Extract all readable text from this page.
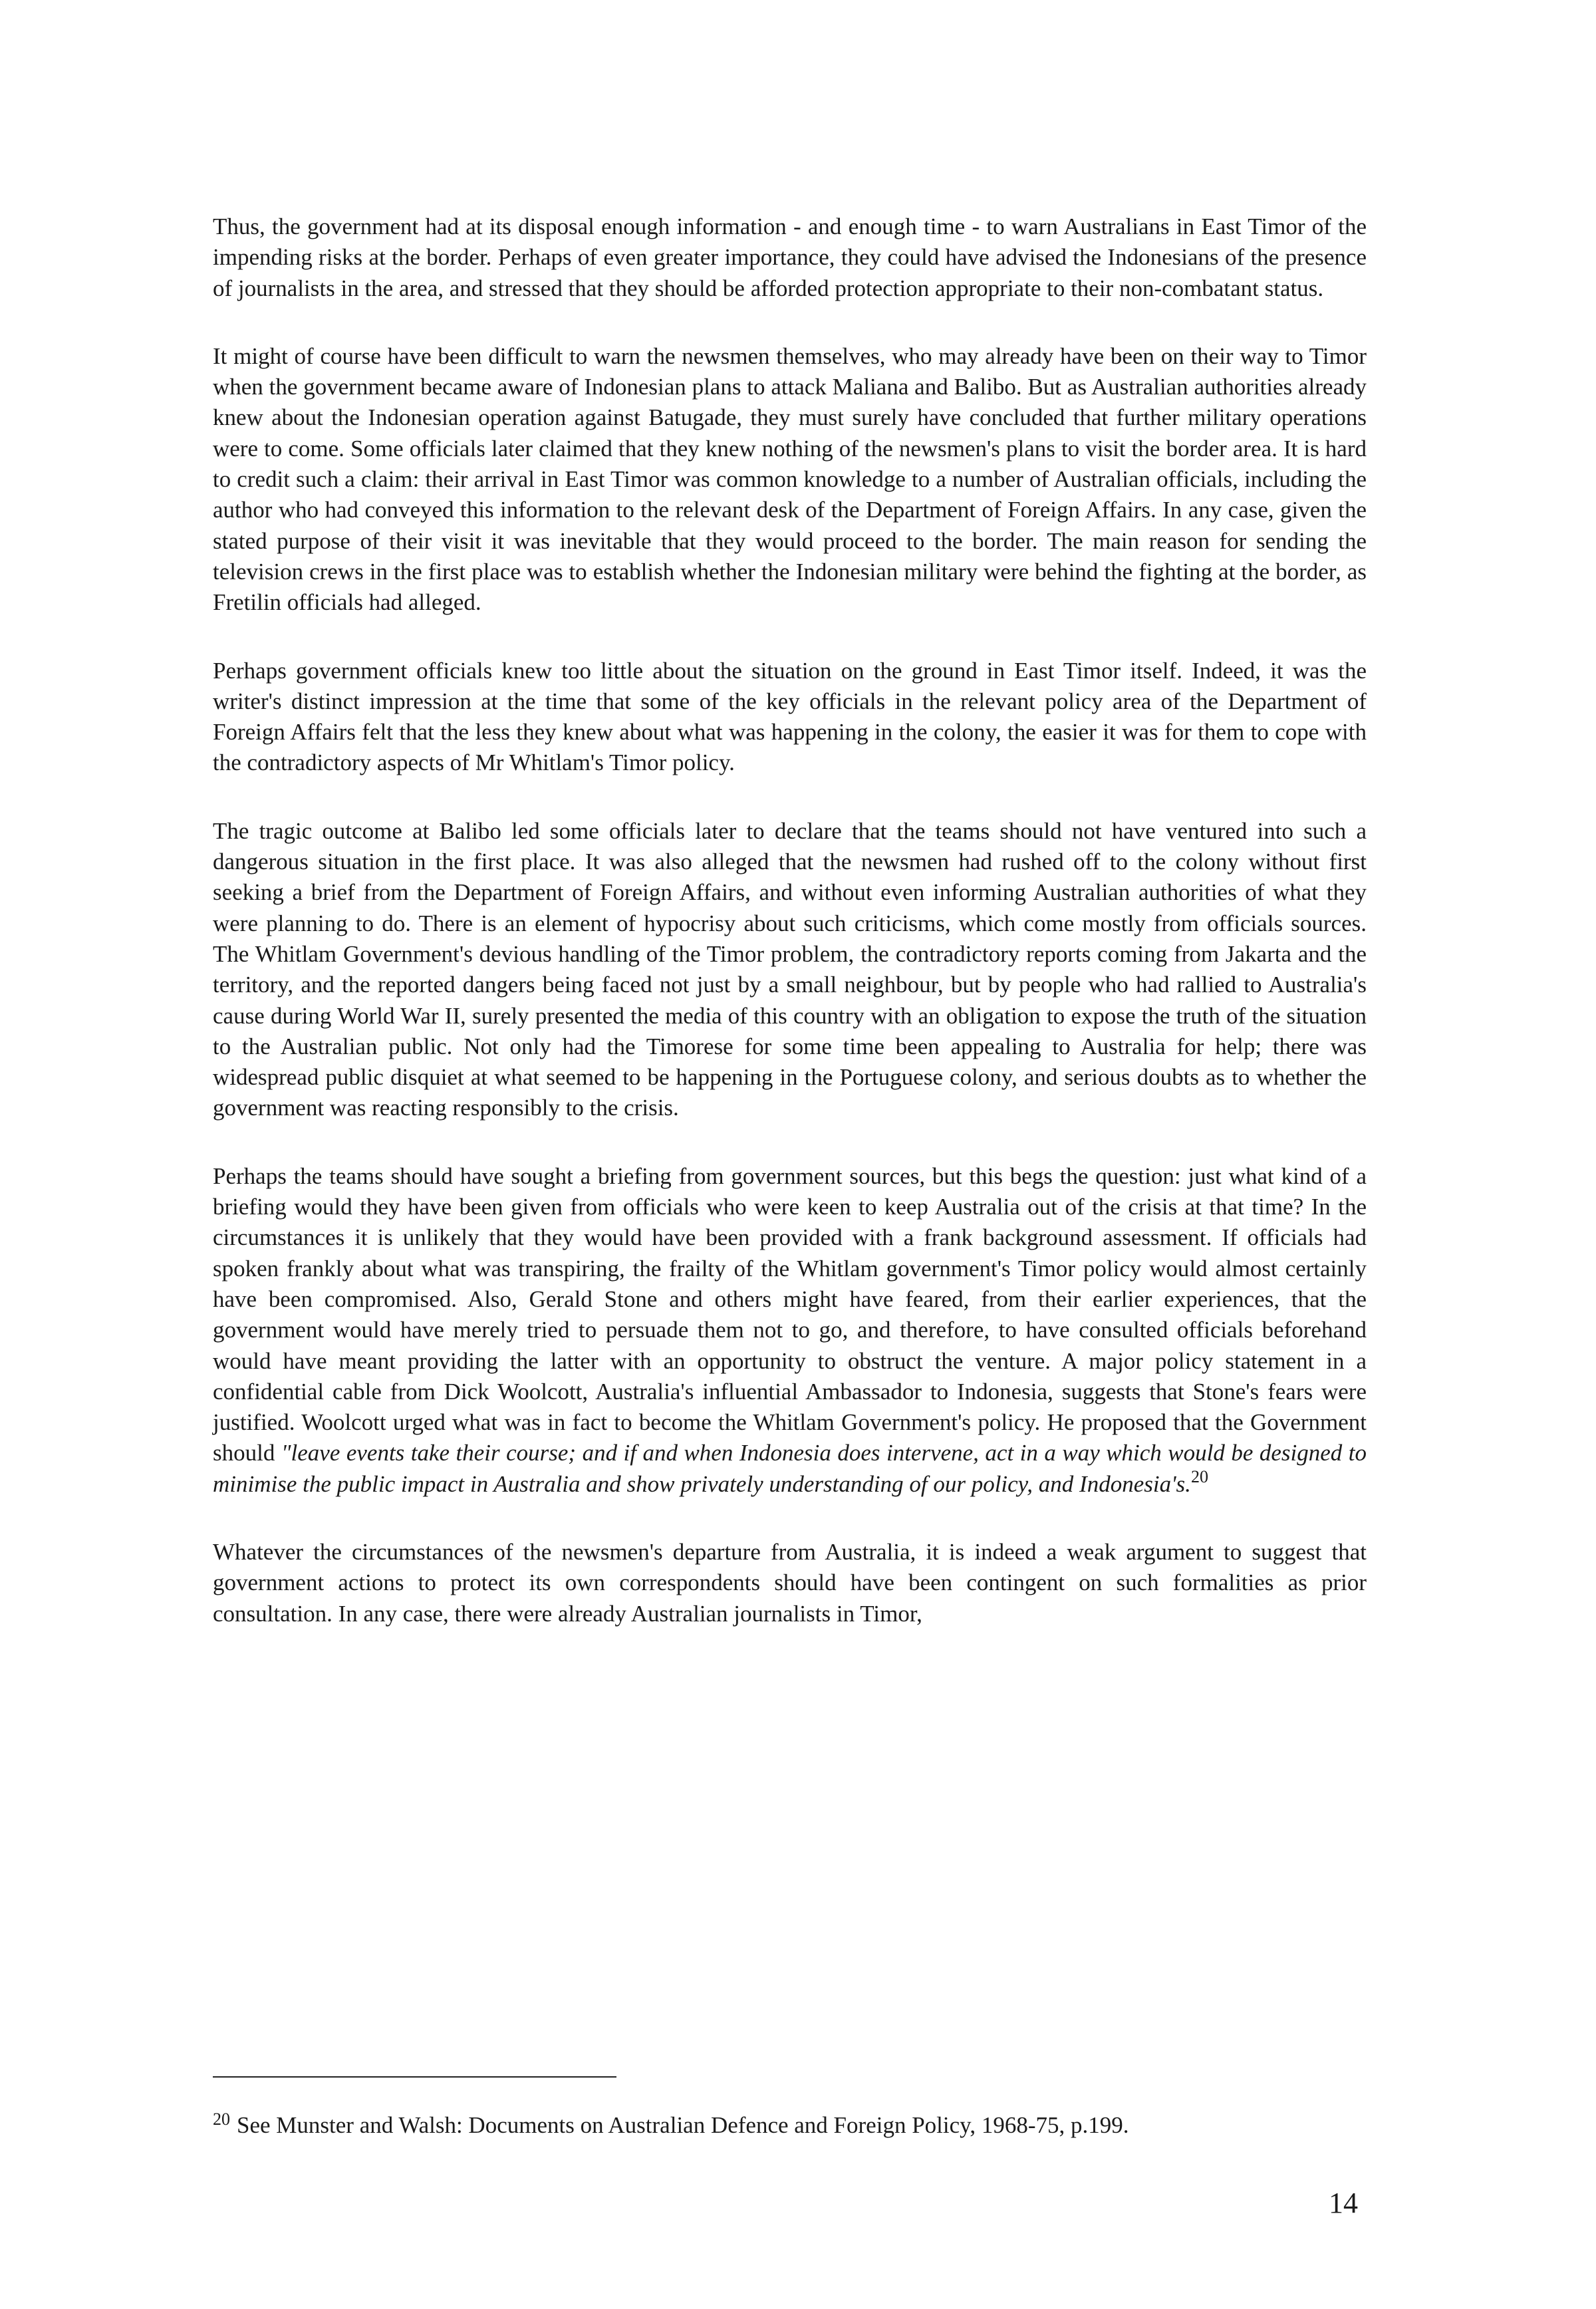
Thus, the government had at its disposal enough information - and enough time - to warn Australians in East Timor of the impending risks at the border. Perhaps of even greater importance, they could have advised the Indonesians of the presence of journalists in the area, and stressed that they should be afforded protection appropriate to their non-combatant status.

It might of course have been difficult to warn the newsmen themselves, who may already have been on their way to Timor when the government became aware of Indonesian plans to attack Maliana and Balibo. But as Australian authorities already knew about the Indonesian operation against Batugade, they must surely have concluded that further military operations were to come. Some officials later claimed that they knew nothing of the newsmen's plans to visit the border area. It is hard to credit such a claim: their arrival in East Timor was common knowledge to a number of Australian officials, including the author who had conveyed this information to the relevant desk of the Department of Foreign Affairs. In any case, given the stated purpose of their visit it was inevitable that they would proceed to the border. The main reason for sending the television crews in the first place was to establish whether the Indonesian military were behind the fighting at the border, as Fretilin officials had alleged.

Perhaps government officials knew too little about the situation on the ground in East Timor itself. Indeed, it was the writer's distinct impression at the time that some of the key officials in the relevant policy area of the Department of Foreign Affairs felt that the less they knew about what was happening in the colony, the easier it was for them to cope with the contradictory aspects of Mr Whitlam's Timor policy.

The tragic outcome at Balibo led some officials later to declare that the teams should not have ventured into such a dangerous situation in the first place. It was also alleged that the newsmen had rushed off to the colony without first seeking a brief from the Department of Foreign Affairs, and without even informing Australian authorities of what they were planning to do. There is an element of hypocrisy about such criticisms, which come mostly from officials sources. The Whitlam Government's devious handling of the Timor problem, the contradictory reports coming from Jakarta and the territory, and the reported dangers being faced not just by a small neighbour, but by people who had rallied to Australia's cause during World War II, surely presented the media of this country with an obligation to expose the truth of the situation to the Australian public. Not only had the Timorese for some time been appealing to Australia for help; there was widespread public disquiet at what seemed to be happening in the Portuguese colony, and serious doubts as to whether the government was reacting responsibly to the crisis.

Perhaps the teams should have sought a briefing from government sources, but this begs the question: just what kind of a briefing would they have been given from officials who were keen to keep Australia out of the crisis at that time? In the circumstances it is unlikely that they would have been provided with a frank background assessment. If officials had spoken frankly about what was transpiring, the frailty of the Whitlam government's Timor policy would almost certainly have been compromised. Also, Gerald Stone and others might have feared, from their earlier experiences, that the government would have merely tried to persuade them not to go, and therefore, to have consulted officials beforehand would have meant providing the latter with an opportunity to obstruct the venture. A major policy statement in a confidential cable from Dick Woolcott, Australia's influential Ambassador to Indonesia, suggests that Stone's fears were justified. Woolcott urged what was in fact to become the Whitlam Government's policy. He proposed that the Government should "leave events take their course; and if and when Indonesia does intervene, act in a way which would be designed to minimise the public impact in Australia and show privately understanding of our policy, and Indonesia's.$^{20}$

Whatever the circumstances of the newsmen's departure from Australia, it is indeed a weak argument to suggest that government actions to protect its own correspondents should have been contingent on such formalities as prior consultation. In any case, there were already Australian journalists in Timor,

$^{20}$ See Munster and Walsh: Documents on Australian Defence and Foreign Policy, 1968-75, p.199.
14
